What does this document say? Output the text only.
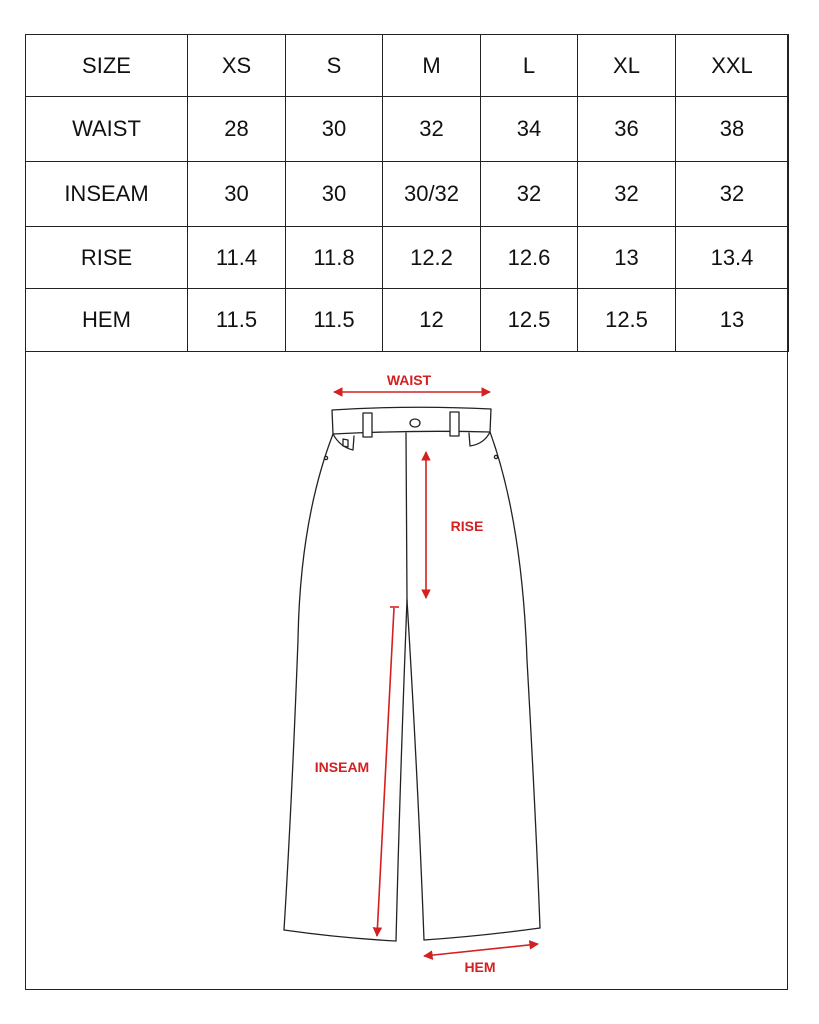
SIZE	XS	S	M	L	XL	XXL
WAIST	28	30	32	34	36	38
INSEAM	30	30	30/32	32	32	32
RISE	11.4	11.8	12.2	12.6	13	13.4
HEM	11.5	11.5	12	12.5	12.5	13
WAIST
RISE
INSEAM
HEM
